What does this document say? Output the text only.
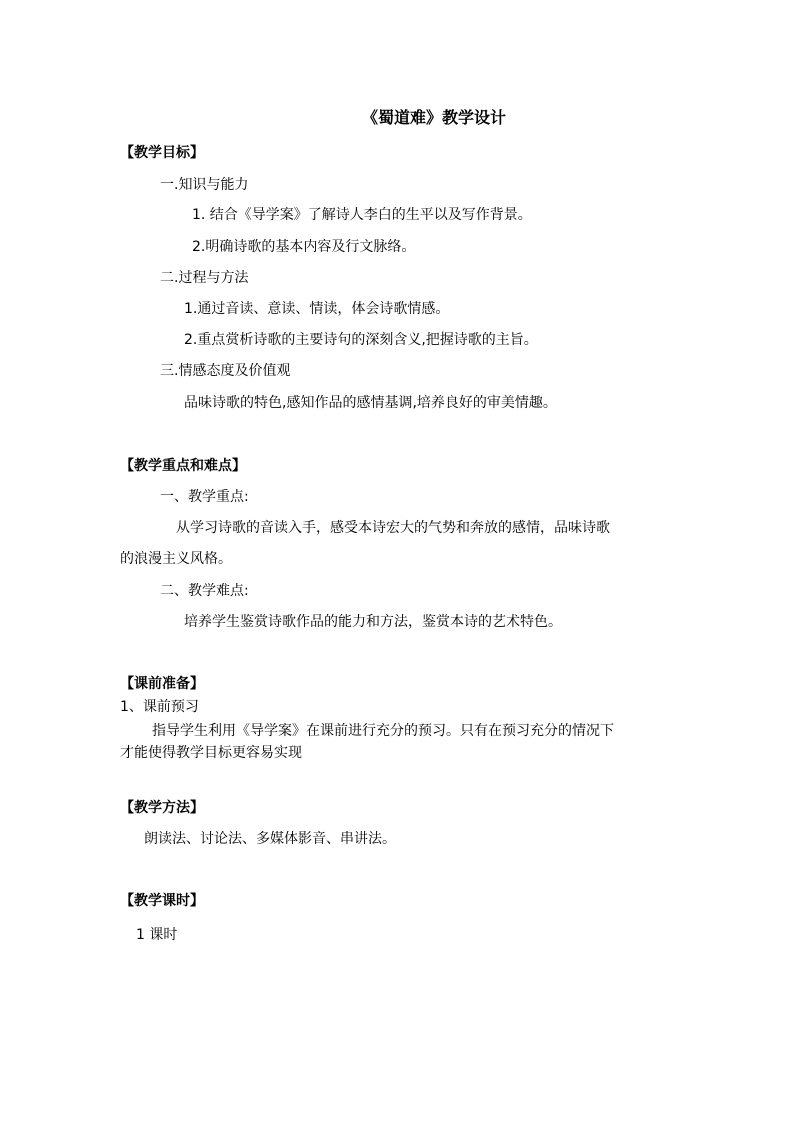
《蜀道难》教学设计
【教学目标】
一.知识与能力
1. 结合《导学案》了解诗人李白的生平以及写作背景。
2.明确诗歌的基本内容及行文脉络。
二.过程与方法
1.通过音读、意读、情读，体会诗歌情感。
2.重点赏析诗歌的主要诗句的深刻含义,把握诗歌的主旨。
三.情感态度及价值观
品味诗歌的特色,感知作品的感情基调,培养良好的审美情趣。
【教学重点和难点】
一、教学重点:
从学习诗歌的音读入手，感受本诗宏大的气势和奔放的感情，品味诗歌
的浪漫主义风格。
二、教学难点:
培养学生鉴赏诗歌作品的能力和方法，鉴赏本诗的艺术特色。
【课前准备】
1、课前预习
指导学生利用《导学案》在课前进行充分的预习。只有在预习充分的情况下
才能使得教学目标更容易实现
【教学方法】
朗读法、讨论法、多媒体影音、串讲法。
【教学课时】
1 课时
